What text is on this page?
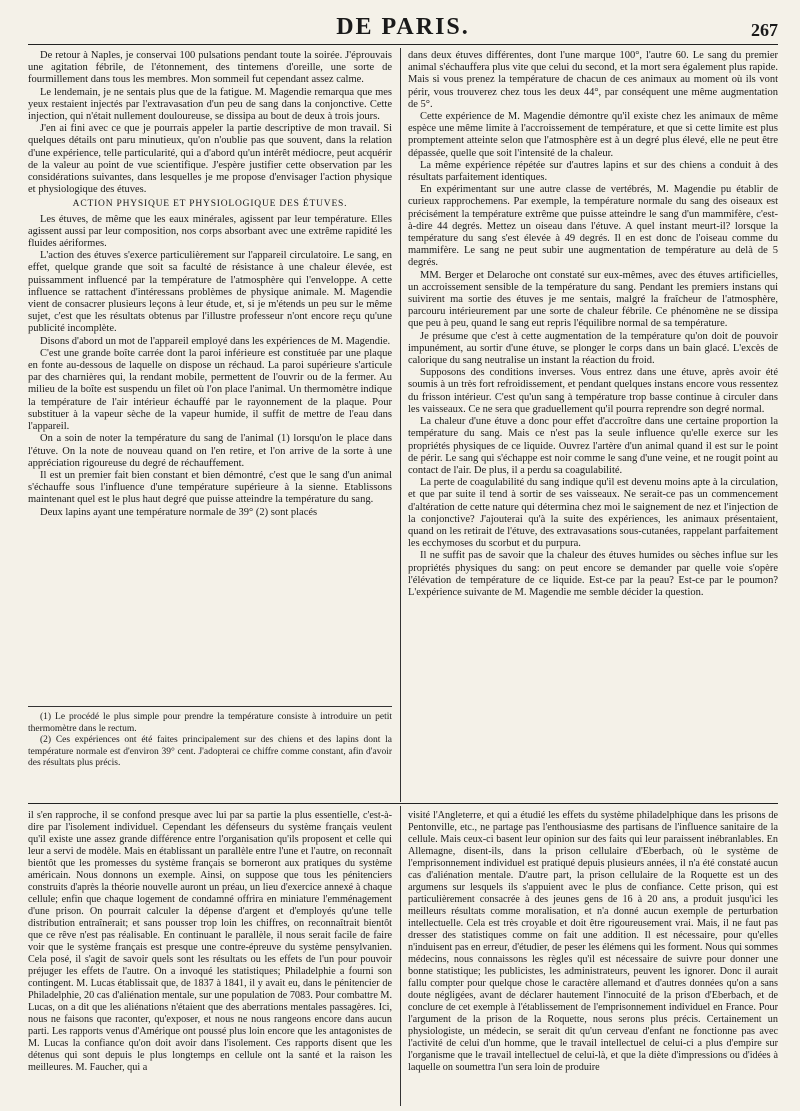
DE PARIS.	267

De retour à Naples, je conservai 100 pulsations pendant toute la soirée. J'éprouvais une agitation fébrile, de l'étonnement, des tintemens d'oreille, une sorte de fourmillement dans tous les membres. Mon sommeil fut cependant assez calme.

Le lendemain, je ne sentais plus que de la fatigue. M. Magendie remarqua que mes yeux restaient injectés par l'extravasation d'un peu de sang dans la conjonctive. Cette injection, qui n'était nullement douloureuse, se dissipa au bout de deux à trois jours.

J'en ai fini avec ce que je pourrais appeler la partie descriptive de mon travail. Si quelques détails ont paru minutieux, qu'on n'oublie pas que souvent, dans la relation d'une expérience, telle particularité, qui a d'abord qu'un intérêt médiocre, peut acquérir de la valeur au point de vue scientifique. J'espère justifier cette observation par les considérations suivantes, dans lesquelles je me propose d'envisager l'action physique et physiologique des étuves.

ACTION PHYSIQUE ET PHYSIOLOGIQUE DES ÉTUVES.

Les étuves, de même que les eaux minérales, agissent par leur température. Elles agissent aussi par leur composition, nos corps absorbant avec une extrême rapidité les fluides aériformes.

L'action des étuves s'exerce particulièrement sur l'appareil circulatoire. Le sang, en effet, quelque grande que soit sa faculté de résistance à une chaleur élevée, est puissamment influencé par la température de l'atmosphère qui l'enveloppe. A cette influence se rattachent d'intéressans problèmes de physique animale. M. Magendie vient de consacrer plusieurs leçons à leur étude, et, si je m'étends un peu sur le même sujet, c'est que les résultats obtenus par l'illustre professeur n'ont encore reçu qu'une publicité incomplète.

Disons d'abord un mot de l'appareil employé dans les expériences de M. Magendie.

C'est une grande boîte carrée dont la paroi inférieure est constituée par une plaque en fonte au-dessous de laquelle on dispose un réchaud. La paroi supérieure s'articule par des charnières qui, la rendant mobile, permettent de l'ouvrir ou de la fermer. Au milieu de la boîte est suspendu un filet où l'on place l'animal. Un thermomètre indique la température de l'air intérieur échauffé par le rayonnement de la plaque. Pour substituer à la vapeur sèche de la vapeur humide, il suffit de mettre de l'eau dans l'appareil.

On a soin de noter la température du sang de l'animal (1) lorsqu'on le place dans l'étuve. On la note de nouveau quand on l'en retire, et l'on arrive de la sorte à une appréciation rigoureuse du degré de réchauffement.

Il est un premier fait bien constant et bien démontré, c'est que le sang d'un animal s'échauffe sous l'influence d'une température supérieure à la sienne. Etablissons maintenant quel est le plus haut degré que puisse atteindre la température du sang.

Deux lapins ayant une température normale de 39° (2) sont placés

(1) Le procédé le plus simple pour prendre la température consiste à introduire un petit thermomètre dans le rectum.

(2) Ces expériences ont été faites principalement sur des chiens et des lapins dont la température normale est d'environ 39° cent. J'adopterai ce chiffre comme constant, afin d'avoir des résultats plus précis.

dans deux étuves différentes, dont l'une marque 100°, l'autre 60. Le sang du premier animal s'échauffera plus vite que celui du second, et la mort sera également plus rapide. Mais si vous prenez la température de chacun de ces animaux au moment où ils vont périr, vous trouverez chez tous les deux 44°, par conséquent une même augmentation de 5°.

Cette expérience de M. Magendie démontre qu'il existe chez les animaux de même espèce une même limite à l'accroissement de température, et que si cette limite est plus promptement atteinte selon que l'atmosphère est à un degré plus élevé, elle ne peut être dépassée, quelle que soit l'intensité de la chaleur.

La même expérience répétée sur d'autres lapins et sur des chiens a conduit à des résultats parfaitement identiques.

En expérimentant sur une autre classe de vertébrés, M. Magendie pu établir de curieux rapprochemens. Par exemple, la température normale du sang des oiseaux est précisément la température extrême que puisse atteindre le sang d'un mammifère, c'est-à-dire 44 degrés. Mettez un oiseau dans l'étuve. A quel instant meurt-il? lorsque la température du sang s'est élevée à 49 degrés. Il en est donc de l'oiseau comme du mammifère. Le sang ne peut subir une augmentation de température au delà de 5 degrés.

MM. Berger et Delaroche ont constaté sur eux-mêmes, avec des étuves artificielles, un accroissement sensible de la température du sang. Pendant les premiers instans qui suivirent ma sortie des étuves je me sentais, malgré la fraîcheur de l'atmosphère, parcouru intérieurement par une sorte de chaleur fébrile. Ce phénomène ne se dissipa que peu à peu, quand le sang eut repris l'équilibre normal de sa température.

Je présume que c'est à cette augmentation de la température qu'on doit de pouvoir impunément, au sortir d'une étuve, se plonger le corps dans un bain glacé. L'excès de calorique du sang neutralise un instant la réaction du froid.

Supposons des conditions inverses. Vous entrez dans une étuve, après avoir été soumis à un très fort refroidissement, et pendant quelques instans encore vous ressentez du frisson intérieur. C'est qu'un sang à température trop basse continue à circuler dans les vaisseaux. Ce ne sera que graduellement qu'il pourra reprendre son degré normal.

La chaleur d'une étuve a donc pour effet d'accroître dans une certaine proportion la température du sang. Mais ce n'est pas la seule influence qu'elle exerce sur les propriétés physiques de ce liquide. Ouvrez l'artère d'un animal quand il est sur le point de périr. Le sang qui s'échappe est noir comme le sang d'une veine, et ne rougit point au contact de l'air. De plus, il a perdu sa coagulabilité.

La perte de coagulabilité du sang indique qu'il est devenu moins apte à la circulation, et que par suite il tend à sortir de ses vaisseaux. Ne serait-ce pas un commencement d'altération de cette nature qui détermina chez moi le saignement de nez et l'injection de la conjonctive? J'ajouterai qu'à la suite des expériences, les animaux présentaient, quand on les retirait de l'étuve, des extravasations sous-cutanées, rappelant parfaitement les ecchymoses du scorbut et du purpura.

Il ne suffit pas de savoir que la chaleur des étuves humides ou sèches influe sur les propriétés physiques du sang: on peut encore se demander par quelle voie s'opère l'élévation de température de ce liquide. Est-ce par la peau? Est-ce par le poumon? L'expérience suivante de M. Magendie me semble décider la question.

il s'en rapproche, il se confond presque avec lui par sa partie la plus essentielle, c'est-à-dire par l'isolement individuel. Cependant les défenseurs du système français veulent qu'il existe une assez grande différence entre l'organisation qu'ils proposent et celle qui leur a servi de modèle. Mais en établissant un parallèle entre l'une et l'autre, on reconnaît bientôt que les promesses du système français se borneront aux pratiques du système américain. Nous donnons un exemple. Ainsi, on suppose que tous les pénitenciers construits d'après la théorie nouvelle auront un préau, un lieu d'exercice annexé à chaque cellule; enfin que chaque logement de condamné offrira en miniature l'emménagement d'une prison. On pourrait calculer la dépense d'argent et d'employés qu'une telle distribution entraînerait; et sans pousser trop loin les chiffres, on reconnaîtrait bientôt que ce rêve n'est pas réalisable. En continuant le parallèle, il nous serait facile de faire voir que le système français est presque une contre-épreuve du système pensylvanien. Cela posé, il s'agit de savoir quels sont les résultats ou les effets de l'un pour pouvoir préjuger les effets de l'autre. On a invoqué les statistiques; Philadelphie a fourni son contingent. M. Lucas établissait que, de 1837 à 1841, il y avait eu, dans le pénitencier de Philadelphie, 20 cas d'aliénation mentale, sur une population de 7083. Pour combattre M. Lucas, on a dit que les aliénations n'étaient que des aberrations mentales passagères. Ici, nous ne faisons que raconter, qu'exposer, et nous ne nous rangeons encore dans aucun parti. Les rapports venus d'Amérique ont poussé plus loin encore que les antagonistes de M. Lucas la confiance qu'on doit avoir dans l'isolement. Ces rapports disent que les détenus qui sont depuis le plus longtemps en cellule ont la santé et la raison les meilleures. M. Faucher, qui a

visité l'Angleterre, et qui a étudié les effets du système philadelphique dans les prisons de Pentonville, etc., ne partage pas l'enthousiasme des partisans de l'influence sanitaire de la cellule. Mais ceux-ci basent leur opinion sur des faits qui leur paraissent inébranlables. En Allemagne, disent-ils, dans la prison cellulaire d'Eberbach, où le système de l'emprisonnement individuel est pratiqué depuis plusieurs années, il n'a été constaté aucun cas d'aliénation mentale. D'autre part, la prison cellulaire de la Roquette est un des argumens sur lesquels ils s'appuient avec le plus de confiance. Cette prison, qui est particulièrement consacrée à des jeunes gens de 16 à 20 ans, a produit jusqu'ici les meilleurs résultats comme moralisation, et n'a donné aucun exemple de perturbation intellectuelle. Cela est très croyable et doit être rigoureusement vrai. Mais, il ne faut pas dresser des statistiques comme on fait une addition. Il est nécessaire, pour qu'elles n'induisent pas en erreur, d'étudier, de peser les élémens qui les forment. Nous qui sommes médecins, nous connaissons les règles qu'il est nécessaire de suivre pour donner une bonne statistique; les publicistes, les administrateurs, peuvent les ignorer. Donc il aurait fallu compter pour quelque chose le caractère allemand et d'autres données qu'on a sans doute négligées, avant de déclarer hautement l'innocuité de la prison d'Eberbach, et de conclure de cet exemple à l'établissement de l'emprisonnement individuel en France. Pour l'argument de la prison de la Roquette, nous serons plus précis. Certainement un physiologiste, un médecin, se serait dit qu'un cerveau d'enfant ne fonctionne pas avec l'activité de celui d'un homme, que le travail intellectuel de celui-ci a plus d'empire sur l'organisme que le travail intellectuel de celui-là, et que la diète d'impressions ou d'idées à laquelle on soumettra l'un sera loin de produire
